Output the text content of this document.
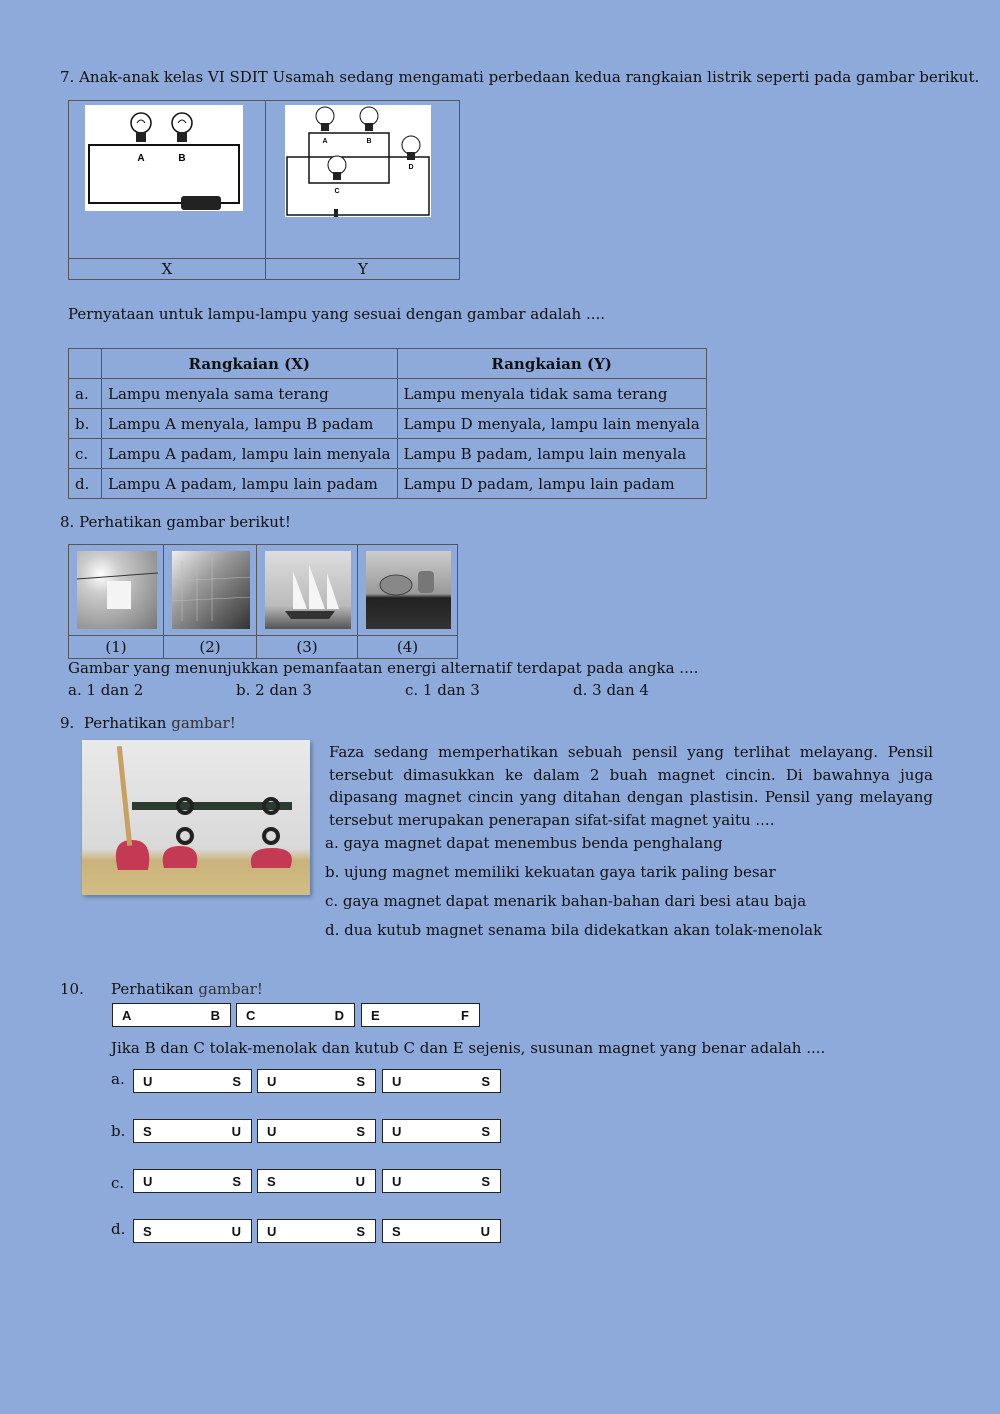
7. Anak-anak kelas VI SDIT Usamah sedang mengamati perbedaan kedua rangkaian listrik seperti pada gambar berikut.
A	B
A	B
C
D
X	Y
Pernyataan untuk lampu-lampu yang sesuai dengan gambar adalah ....
	Rangkaian (X)	Rangkaian (Y)
a.	Lampu menyala sama terang	Lampu menyala tidak sama terang
b.	Lampu A menyala, lampu B padam	Lampu D menyala, lampu lain menyala
c.	Lampu A padam, lampu lain menyala	Lampu B padam, lampu lain menyala
d.	Lampu A padam, lampu lain padam	Lampu D padam, lampu lain padam
8. Perhatikan gambar berikut!
(1)	(2)	(3)	(4)
Gambar yang menunjukkan pemanfaatan energi alternatif terdapat pada angka ....
a. 1 dan 2	b. 2 dan 3	c. 1 dan 3	d. 3 dan 4
9. Perhatikan gambar!
Faza sedang memperhatikan sebuah pensil yang terlihat melayang. Pensil tersebut dimasukkan ke dalam 2 buah magnet cincin. Di bawahnya juga dipasang magnet cincin yang ditahan dengan plastisin. Pensil yang melayang tersebut merupakan penerapan sifat-sifat magnet yaitu ....
a. gaya magnet dapat menembus benda penghalang
b. ujung magnet memiliki kekuatan gaya tarik paling besar
c. gaya magnet dapat menarik bahan-bahan dari besi atau baja
d. dua kutub magnet senama bila didekatkan akan tolak-menolak
10. Perhatikan gambar!
A	B C	D E	F
Jika B dan C tolak-menolak dan kutub C dan E sejenis, susunan magnet yang benar adalah ....
a. U	S U	S U	S
b. S	U U	S U	S
c. U	S S	U U	S
d. S	U U	S S	U
